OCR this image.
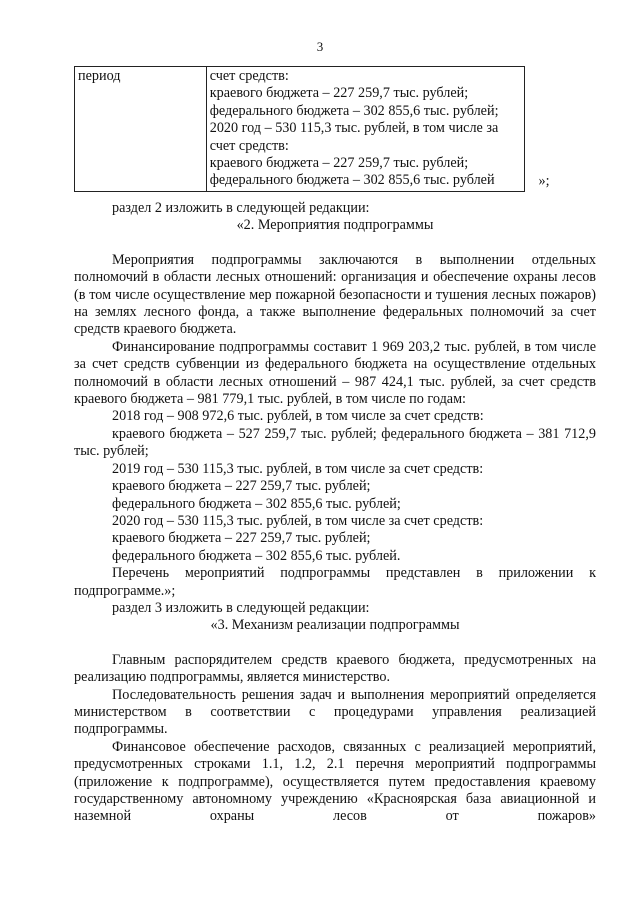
3
период	счет средств:
краевого бюджета – 227 259,7 тыс. рублей;
федерального бюджета – 302 855,6 тыс. рублей;
2020 год – 530 115,3 тыс. рублей, в том числе за
счет средств:
краевого бюджета – 227 259,7 тыс. рублей;
федерального бюджета – 302 855,6 тыс. рублей	»;

раздел 2 изложить в следующей редакции:

«2. Мероприятия подпрограммы

Мероприятия подпрограммы заключаются в выполнении отдельных полномочий в области лесных отношений: организация и обеспечение охраны лесов (в том числе осуществление мер пожарной безопасности и тушения лесных пожаров) на землях лесного фонда, а также выполнение федеральных полномочий за счет средств краевого бюджета.

Финансирование подпрограммы составит 1 969 203,2 тыс. рублей, в том числе за счет средств субвенции из федерального бюджета на осуществление отдельных полномочий в области лесных отношений – 987 424,1 тыс. рублей, за счет средств краевого бюджета – 981 779,1 тыс. рублей, в том числе по годам:

2018 год – 908 972,6 тыс. рублей, в том числе за счет средств:

краевого бюджета – 527 259,7 тыс. рублей; федерального бюджета – 381 712,9 тыс. рублей;

2019 год – 530 115,3 тыс. рублей, в том числе за счет средств:

краевого бюджета – 227 259,7 тыс. рублей;

федерального бюджета – 302 855,6 тыс. рублей;

2020 год – 530 115,3 тыс. рублей, в том числе за счет средств:

краевого бюджета – 227 259,7 тыс. рублей;

федерального бюджета – 302 855,6 тыс. рублей.

Перечень мероприятий подпрограммы представлен в приложении к подпрограмме.»;

раздел 3 изложить в следующей редакции:

«3. Механизм реализации подпрограммы

Главным распорядителем средств краевого бюджета, предусмотренных на реализацию подпрограммы, является министерство.

Последовательность решения задач и выполнения мероприятий определяется министерством в соответствии с процедурами управления реализацией подпрограммы.

Финансовое обеспечение расходов, связанных с реализацией мероприятий, предусмотренных строками 1.1, 1.2, 2.1 перечня мероприятий подпрограммы (приложение к подпрограмме), осуществляется путем предоставления краевому государственному автономному учреждению «Красноярская база авиационной и наземной охраны лесов от пожаров»
